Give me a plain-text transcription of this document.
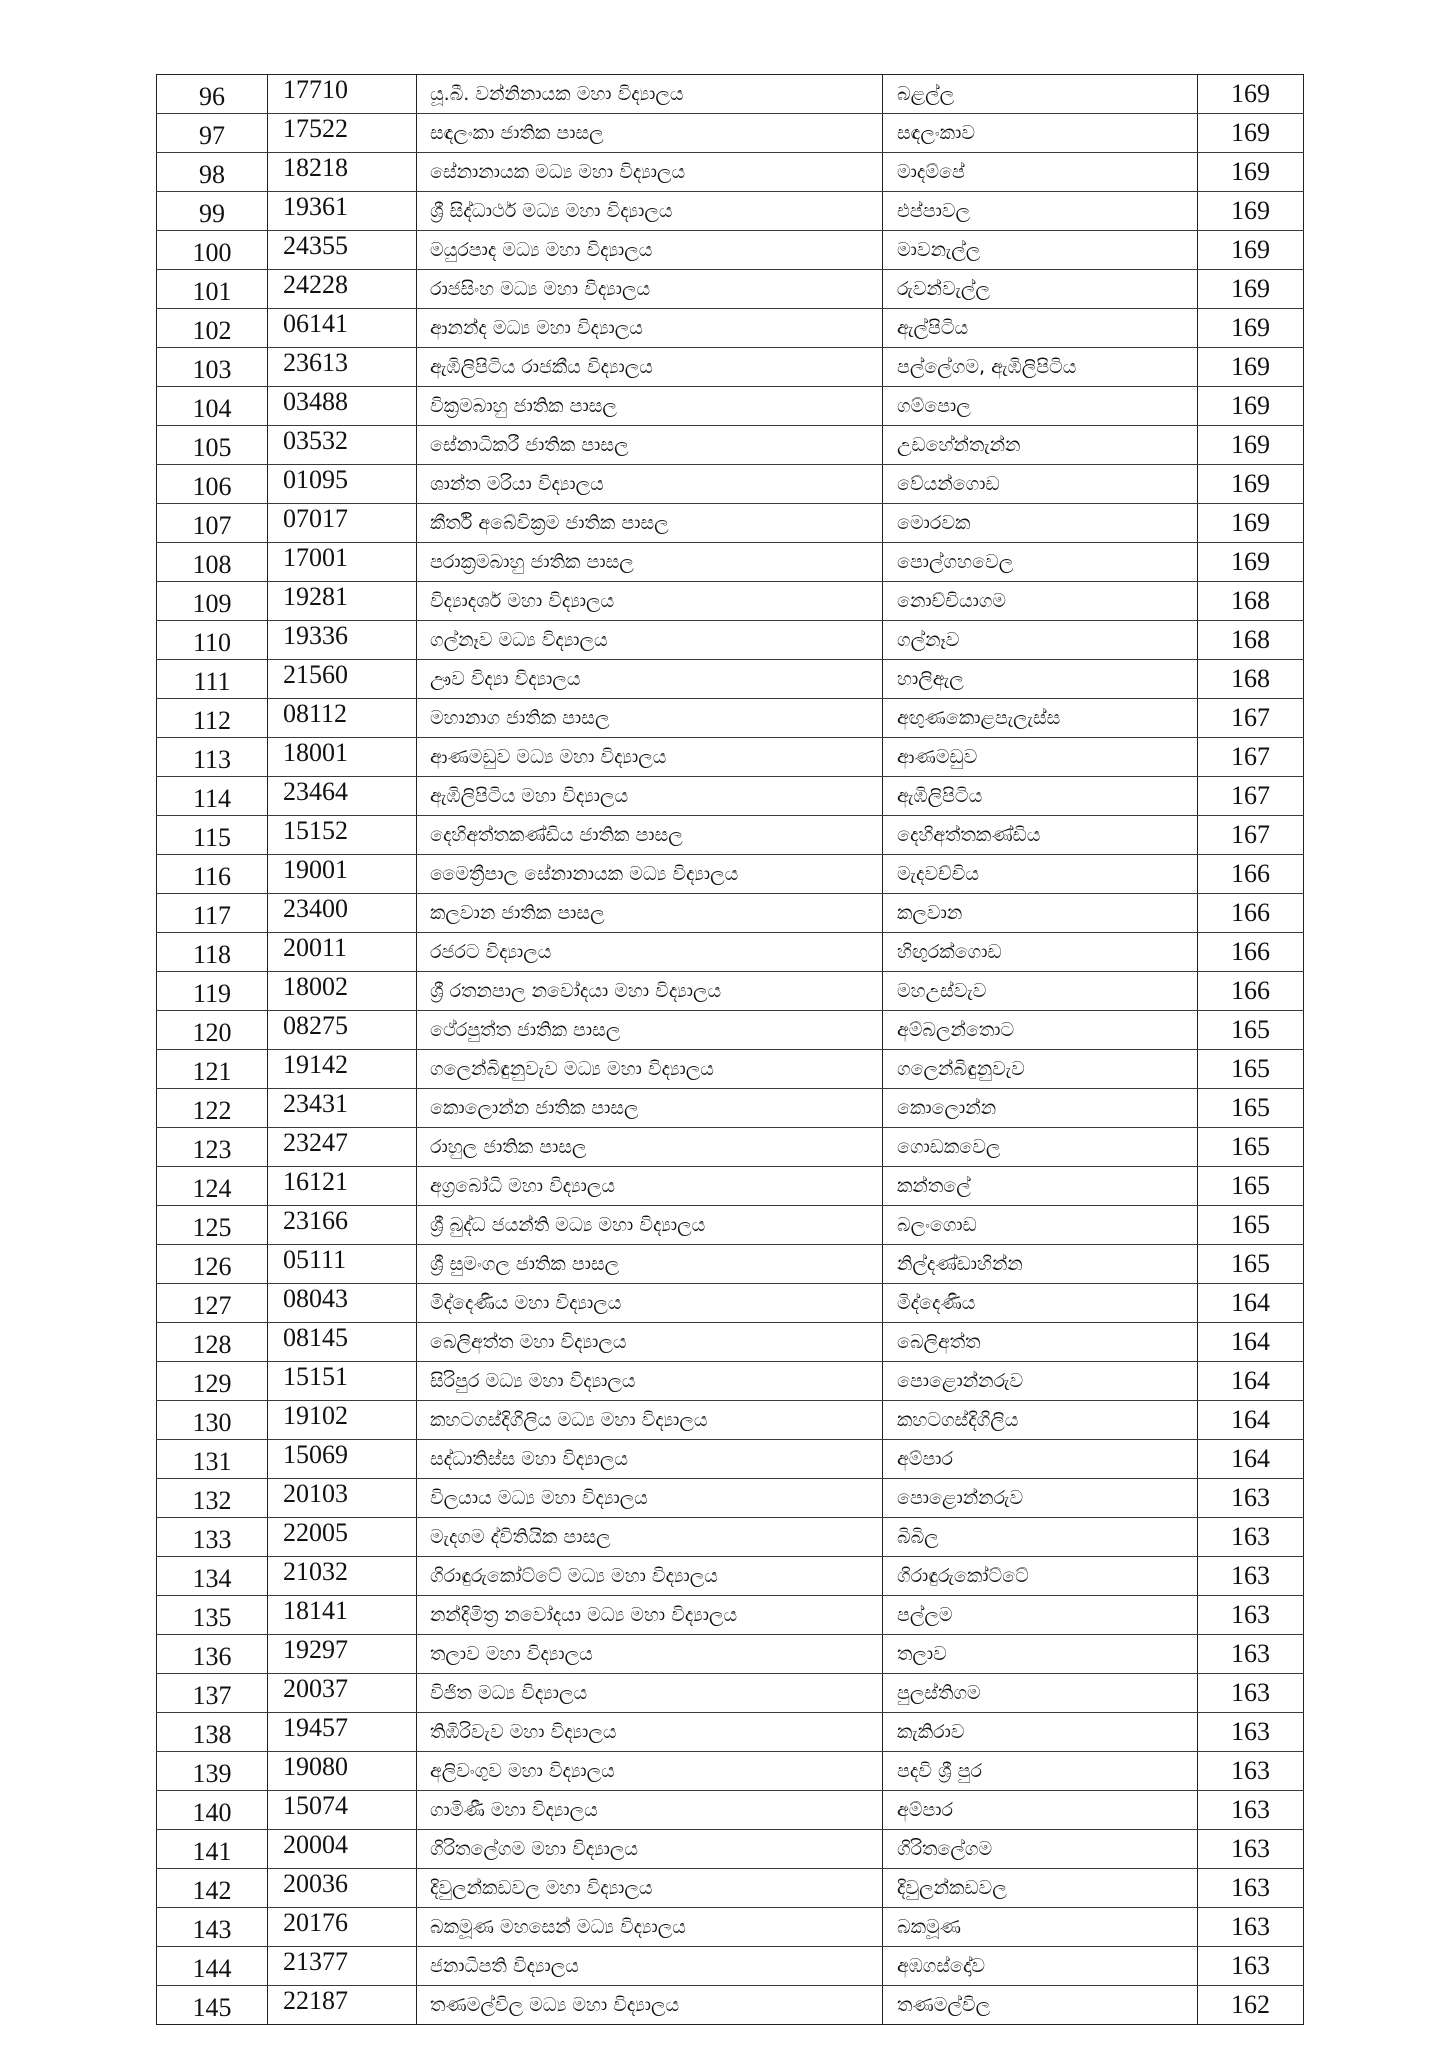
96	17710	යූ.බී. වන්නිනායක මහා විද්‍යාලය	බළල්ල	169
97	17522	සඳලංකා ජාතික පාසල	සඳලංකාව	169
98	18218	සේනානායක මධ්‍ය මහා විද්‍යාලය	මාදම්පේ	169
99	19361	ශ්‍රී සිද්ධාර්ථ මධ්‍ය මහා විද්‍යාලය	එප්පාවල	169
100	24355	මයුරපාද මධ්‍ය මහා විද්‍යාලය	මාවනැල්ල	169
101	24228	රාජසිංහ මධ්‍ය මහා විද්‍යාලය	රුවන්වැල්ල	169
102	06141	ආනන්ද මධ්‍ය මහා විද්‍යාලය	ඇල්පිටිය	169
103	23613	ඇඹිලිපිටිය රාජකීය විද්‍යාලය	පල්ලේගම, ඇඹිලිපිටිය	169
104	03488	වික්‍රමබාහු ජාතික පාසල	ගම්පොල	169
105	03532	සේනාධිකරී ජාතික පාසල	උඩහේන්තැන්න	169
106	01095	ශාන්ත මරියා විද්‍යාලය	වේයන්ගොඩ	169
107	07017	කීර්ති අබේවික්‍රම ජාතික පාසල	මොරවක	169
108	17001	පරාක්‍රමබාහු ජාතික පාසල	පොල්ගහවෙල	169
109	19281	විද්‍යාදර්ශ මහා විද්‍යාලය	නොච්චියාගම	168
110	19336	ගල්නෑව මධ්‍ය විද්‍යාලය	ගල්නෑව	168
111	21560	ඌව විද්‍යා විද්‍යාලය	හාලිඇල	168
112	08112	මහානාග ජාතික පාසල	අඟුණකොළපැලැස්ස	167
113	18001	ආණමඩුව මධ්‍ය මහා විද්‍යාලය	ආණමඩුව	167
114	23464	ඇඹිලිපිටිය මහා විද්‍යාලය	ඇඹිලිපිටිය	167
115	15152	දෙහිඅත්තකණ්ඩිය ජාතික පාසල	දෙහිඅත්තකණ්ඩිය	167
116	19001	මෛත්‍රීපාල සේනානායක මධ්‍ය විද්‍යාලය	මැදවච්චිය	166
117	23400	කලවාන ජාතික පාසල	කලවාන	166
118	20011	රජරට විද්‍යාලය	හිඟුරක්ගොඩ	166
119	18002	ශ්‍රී රතනපාල නවෝදයා මහා විද්‍යාලය	මහඋස්වැව	166
120	08275	ථේරපුත්ත ජාතික පාසල	අම්බලන්තොට	165
121	19142	ගලෙන්බිඳුනුවැව මධ්‍ය මහා විද්‍යාලය	ගලෙන්බිඳුනුවැව	165
122	23431	කොලොන්න ජාතික පාසල	කොලොන්න	165
123	23247	රාහුල ජාතික පාසල	ගොඩකවෙල	165
124	16121	අග්‍රබෝධි මහා විද්‍යාලය	කන්තලේ	165
125	23166	ශ්‍රී බුද්ධ ජයන්ති මධ්‍ය මහා විද්‍යාලය	බලංගොඩ	165
126	05111	ශ්‍රී සුමංගල ජාතික පාසල	නිල්දණ්ඩාහින්න	165
127	08043	මිද්දෙණිය මහා විද්‍යාලය	මිද්දෙණිය	164
128	08145	බෙලිඅත්ත මහා විද්‍යාලය	බෙලිඅත්ත	164
129	15151	සිරිපුර මධ්‍ය මහා විද්‍යාලය	පොළොන්නරුව	164
130	19102	කහටගස්දිගිලිය මධ්‍ය මහා විද්‍යාලය	කහටගස්දිගිලිය	164
131	15069	සද්ධාතිස්ස මහා විද්‍යාලය	අම්පාර	164
132	20103	විලයාය මධ්‍ය මහා විද්‍යාලය	පොළොන්නරුව	163
133	22005	මැදගම ද්විතියික පාසල	බිබිල	163
134	21032	ගිරාඳුරුකෝට්ටේ මධ්‍ය මහා විද්‍යාලය	ගිරාඳුරුකෝට්ටේ	163
135	18141	නන්දිමිත්‍ර නවෝදයා මධ්‍ය මහා විද්‍යාලය	පල්ලම	163
136	19297	තලාව මහා විද්‍යාලය	තලාව	163
137	20037	විජිත මධ්‍ය විද්‍යාලය	පුලස්තිගම	163
138	19457	තිඹිරිවැව මහා විද්‍යාලය	කැකිරාව	163
139	19080	අලිවංගුව මහා විද්‍යාලය	පදවි ශ්‍රී පුර	163
140	15074	ගාමිණී මහා විද්‍යාලය	අම්පාර	163
141	20004	ගිරිතලේගම මහා විද්‍යාලය	ගිරිතලේගම	163
142	20036	දිවුලන්කඩවල මහා විද්‍යාලය	දිවුලන්කඩවල	163
143	20176	බකමූණ මහසෙන් මධ්‍ය විද්‍යාලය	බකමූණ	163
144	21377	ජනාධිපති විද්‍යාලය	අඹගස්දෝව	163
145	22187	තණමල්විල මධ්‍ය මහා විද්‍යාලය	තණමල්විල	162
